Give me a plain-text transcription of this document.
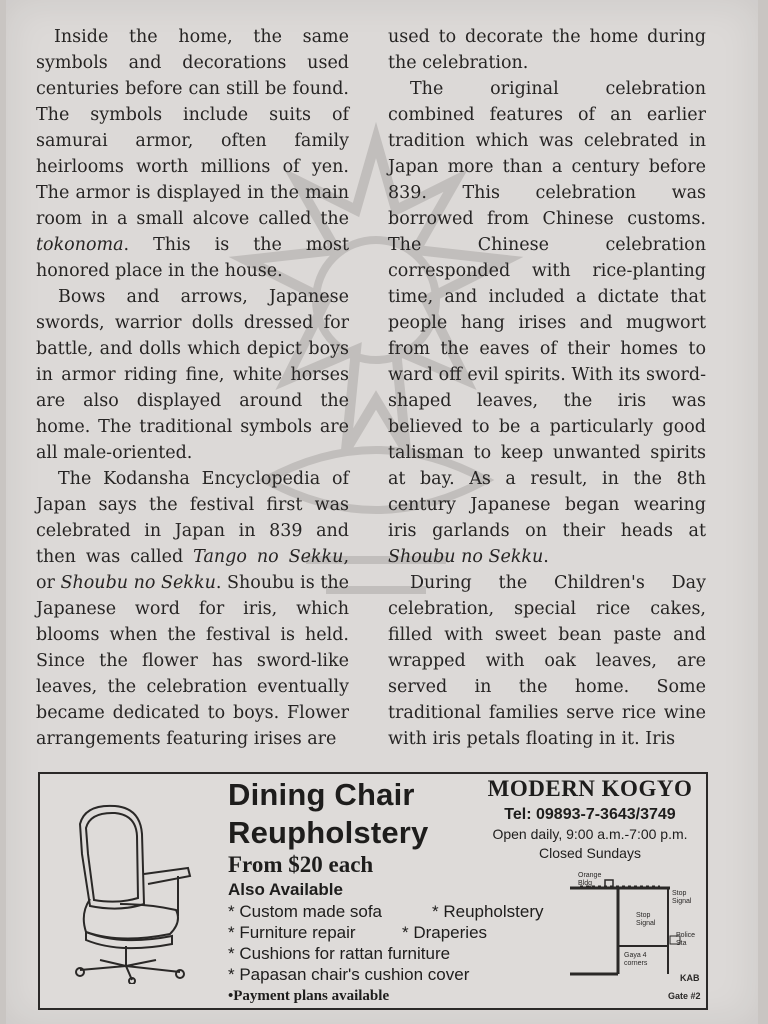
Inside the home, the same symbols and decorations used centuries before can still be found. The symbols include suits of samurai armor, often family heirlooms worth millions of yen. The armor is displayed in the main room in a small alcove called the tokonoma. This is the most honored place in the house.

Bows and arrows, Japanese swords, warrior dolls dressed for battle, and dolls which depict boys in armor riding fine, white horses are also displayed around the home. The traditional symbols are all male-oriented.

The Kodansha Encyclopedia of Japan says the festival first was celebrated in Japan in 839 and then was called Tango no Sekku, or Shoubu no Sekku. Shoubu is the Japanese word for iris, which blooms when the festival is held. Since the flower has sword-like leaves, the celebration eventually became dedicated to boys. Flower arrangements featuring irises are

used to decorate the home during the celebration.

The original celebration combined features of an earlier tradition which was celebrated in Japan more than a century before 839. This celebration was borrowed from Chinese customs. The Chinese celebration corresponded with rice-planting time, and included a dictate that people hang irises and mugwort from the eaves of their homes to ward off evil spirits. With its sword-shaped leaves, the iris was believed to be a particularly good talisman to keep unwanted spirits at bay. As a result, in the 8th century Japanese began wearing iris garlands on their heads at Shoubu no Sekku.

During the Children's Day celebration, special rice cakes, filled with sweet bean paste and wrapped with oak leaves, are served in the home. Some traditional families serve rice wine with iris petals floating in it. Iris

Dining Chair
Reupholstery
From $20 each
Also Available
* Custom made sofa	* Reupholstery
* Furniture repair	* Draperies
* Cushions for rattan furniture
* Papasan chair's cushion cover
•Payment plans available
MODERN KOGYO
Tel: 09893-7-3643/3749
Open daily, 9:00 a.m.-7:00 p.m.
Closed Sundays
Orange Bldg
Stop Signal
Stop Signal
Police Sta
Gaya 4 corners
KAB
Gate #2
